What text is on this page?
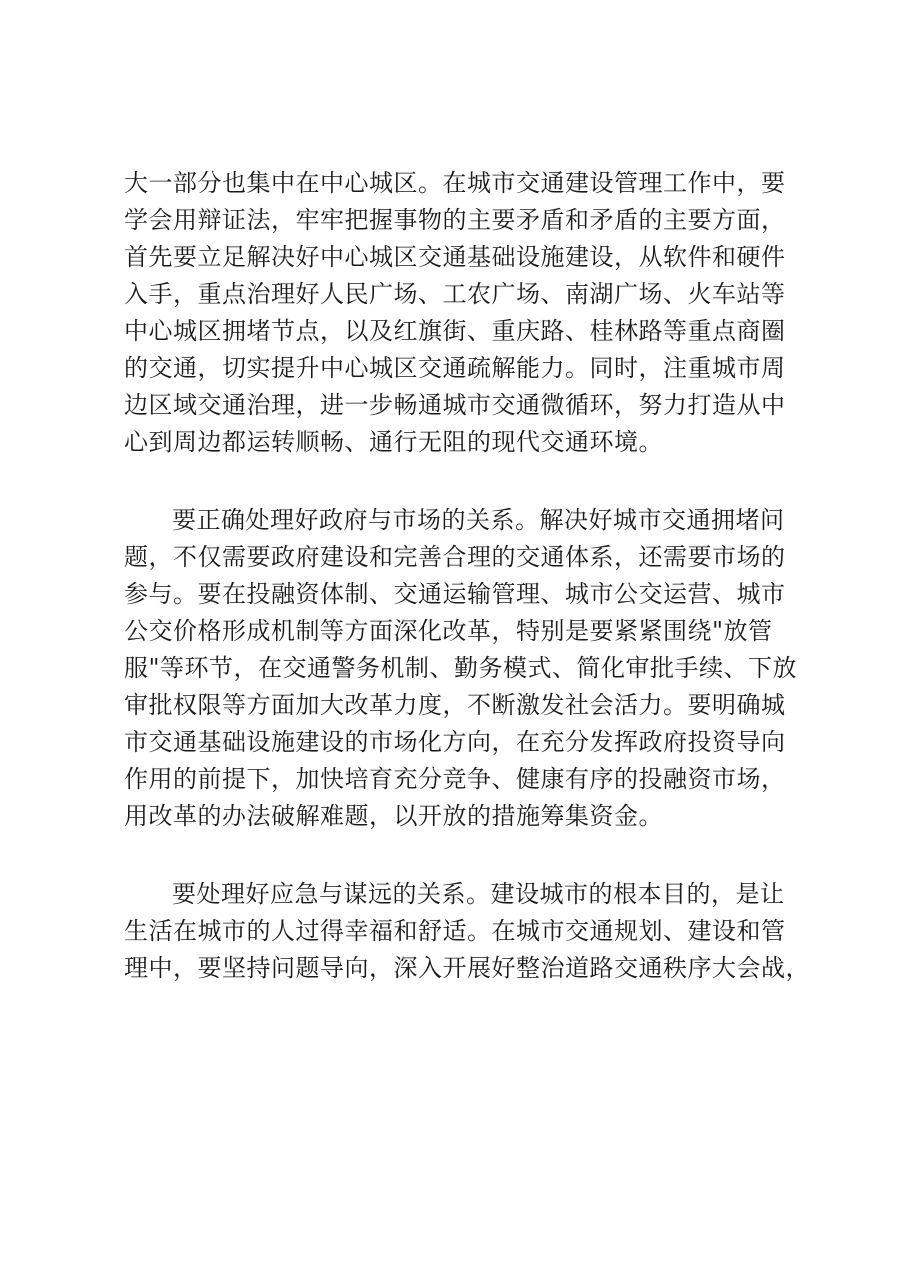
大一部分也集中在中心城区。在城市交通建设管理工作中，要
学会用辩证法，牢牢把握事物的主要矛盾和矛盾的主要方面，
首先要立足解决好中心城区交通基础设施建设，从软件和硬件
入手，重点治理好人民广场、工农广场、南湖广场、火车站等
中心城区拥堵节点，以及红旗街、重庆路、桂林路等重点商圈
的交通，切实提升中心城区交通疏解能力。同时，注重城市周
边区域交通治理，进一步畅通城市交通微循环，努力打造从中
心到周边都运转顺畅、通行无阻的现代交通环境。
要正确处理好政府与市场的关系。解决好城市交通拥堵问
题，不仅需要政府建设和完善合理的交通体系，还需要市场的
参与。要在投融资体制、交通运输管理、城市公交运营、城市
公交价格形成机制等方面深化改革，特别是要紧紧围绕"放管
服"等环节，在交通警务机制、勤务模式、简化审批手续、下放
审批权限等方面加大改革力度，不断激发社会活力。要明确城
市交通基础设施建设的市场化方向，在充分发挥政府投资导向
作用的前提下，加快培育充分竞争、健康有序的投融资市场，
用改革的办法破解难题，以开放的措施筹集资金。
要处理好应急与谋远的关系。建设城市的根本目的，是让
生活在城市的人过得幸福和舒适。在城市交通规划、建设和管
理中，要坚持问题导向，深入开展好整治道路交通秩序大会战，
